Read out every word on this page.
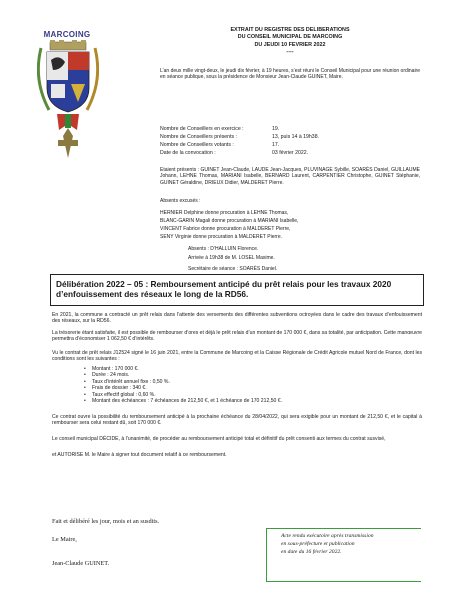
MARCOING	EXTRAIT DU REGISTRE DES DELIBERATIONS
DU CONSEIL MUNICIPAL DE MARCOING
DU JEUDI 10 FEVRIER 2022
----
L’an deux mille vingt-deux, le jeudi dix février, à 19 heures, s’est réuni le Conseil Municipal pour une réunion ordinaire en séance publique, sous la présidence de Monsieur Jean-Claude GUINET, Maire.
Nombre de Conseillers en exercice :	19.
Nombre de Conseillers présents :	13, puis 14 à 19h38.
Nombre de Conseillers votants :	17.
Date de la convocation :	03 février 2022.
Etaient présents : GUINET Jean-Claude, LAUDE Jean-Jacques, PLUVINAGE Sybille, SOARÈS Daniel, GUILLAUME Johann, LEHNE Thomas, MARIANI Isabelle, BERNARD Laurent, CARPENTIER Christophe, GUINET Stéphanie, GUINET Géraldine, DRIEUX Didier, MALDERET Pierre.
Absents excusés :
HERNIER Delphine donne procuration à LEHNE Thomas,
BLANC-GARIN Magali donne procuration à MARIANI Isabelle,
VINCENT Fabrice donne procuration à MALDERET Pierre,
SENY Virginie donne procuration à MALDERET Pierre.
Absents : D’HALLUIN Florence.
Arrivée à 19h38 de M. LOSEL Maxime.
Secrétaire de séance : SOARÈS Daniel.
Délibération 2022 – 05 : Remboursement anticipé du prêt relais pour les travaux 2020 d’enfouissement des réseaux le long de la RD56.
En 2021, la commune a contracté un prêt relais dans l’attente des versements des différentes subventions octroyées dans le cadre des travaux d’enfouissement des réseaux, sur la RD56.
La trésorerie étant satisfaite, il est possible de rembourser d’ores et déjà le prêt relais d’un montant de 170 000 €, dans sa totalité, par anticipation. Cette manœuvre permettra d’économiser 1 062,50 € d’intérêts.
Vu le contrat de prêt relais J12524 signé le 16 juin 2021, entre la Commune de Marcoing et la Caisse Régionale de Crédit Agricole mutuel Nord de France, dont les conditions sont les suivantes :
• Montant : 170 000 €.
• Durée : 24 mois.
• Taux d’intérêt annuel fixe : 0,50 %.
• Frais de dossier : 340 €.
• Taux effectif global : 0,60 %.
• Montant des échéances : 7 échéances de 212,50 €, et 1 échéance de 170 212,50 €.
Ce contrat ouvre la possibilité du remboursement anticipé à la prochaine échéance du 28/04/2022, qui sera exigible pour un montant de 212,50 €, et le capital à rembourser sera celui restant dû, soit 170 000 €.
Le conseil municipal DÉCIDE, à l’unanimité, de procéder au remboursement anticipé total et définitif du prêt consenti aux termes du contrat susvisé,
et AUTORISE M. le Maire à signer tout document relatif à ce remboursement.
Fait et délibéré les jour, mois et an susdits.
Le Maire,
Jean-Claude GUINET.
Acte rendu exécutoire après transmission
en sous-préfecture et publication
en date du 16 février 2022.
